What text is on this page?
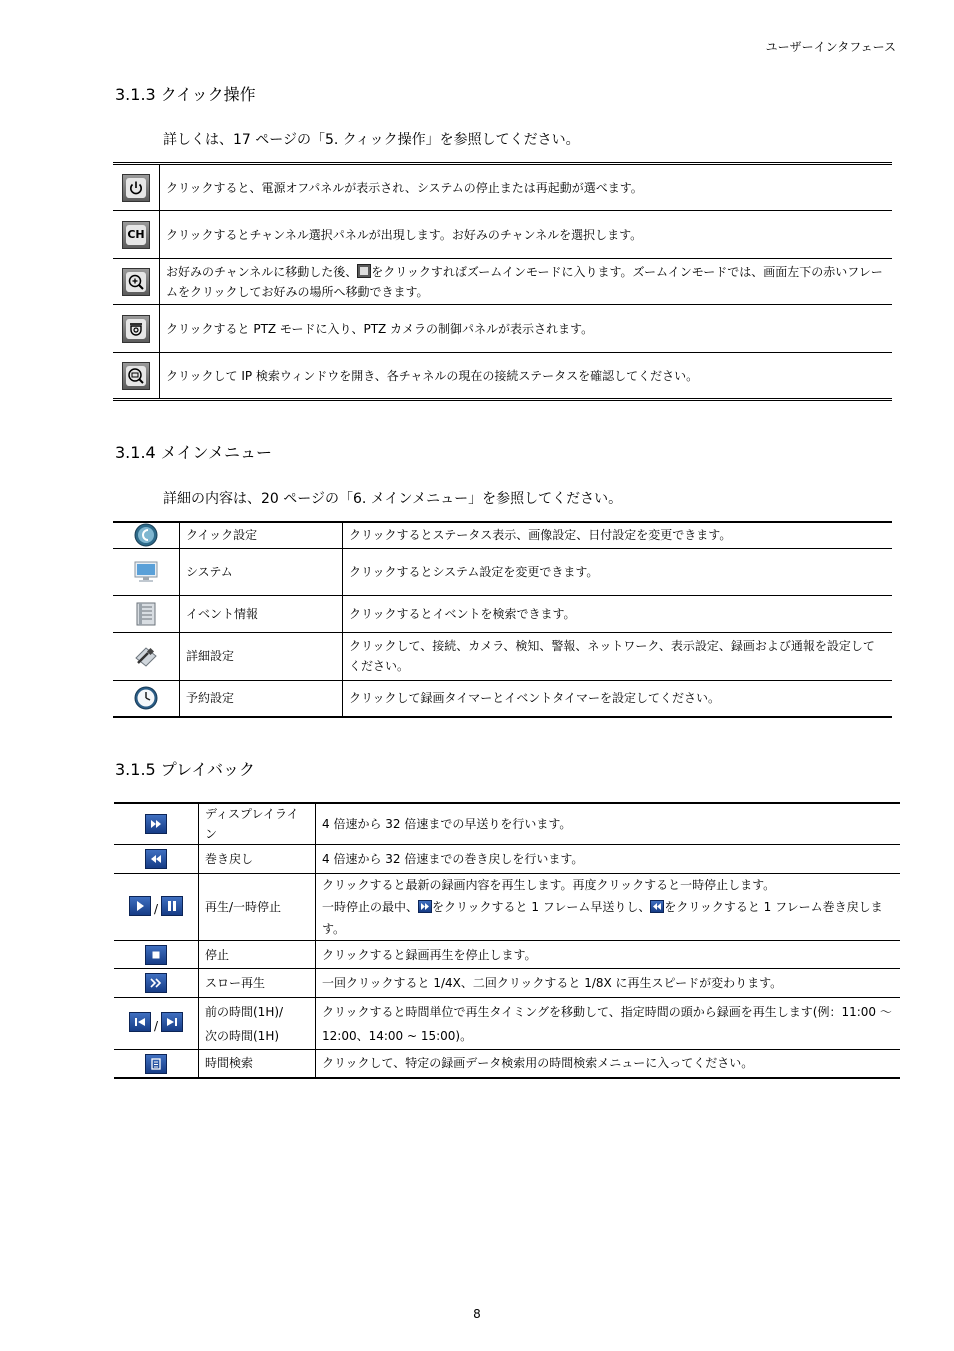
ユーザーインタフェース
3.1.3 クイック操作
詳しくは、17 ページの「5. クィック操作」を参照してください。
	クリックすると、電源オフパネルが表示され、システムの停止または再起動が選べます。

CH	クリックするとチャンネル選択パネルが出現します。お好みのチャンネルを選択します。

	お好みのチャンネルに移動した後、 をクリックすればズームインモードに入ります。ズームインモードでは、画面左下の赤いフレームをクリックしてお好みの場所へ移動できます。

	クリックすると PTZ モードに入り、PTZ カメラの制御パネルが表示されます。

	クリックして IP 検索ウィンドウを開き、各チャネルの現在の接続ステータスを確認してください。
3.1.4 メインメニュー
詳細の内容は、20 ページの「6. メインメニュー」を参照してください。
	クイック設定	クリックするとステータス表示、画像設定、日付設定を変更できます。
	システム	クリックするとシステム設定を変更できます。
	イベント情報	クリックするとイベントを検索できます。
	詳細設定	クリックして、接続、カメラ、検知、警報、ネットワーク、表示設定、録画および通報を設定してください。
	予約設定	クリックして録画タイマーとイベントタイマーを設定してください。
3.1.5 プレイバック
	ディスプレイライン	4 倍速から 32 倍速までの早送りを行います。

	巻き戻し	4 倍速から 32 倍速までの巻き戻しを行います。

/	再生/一時停止	クリックすると最新の録画内容を再生します。再度クリックすると一時停止します。
一時停止の最中、 をクリックすると 1 フレーム早送りし、 をクリックすると 1 フレーム巻き戻します。

	停止	クリックすると録画再生を停止します。

	スロー再生	一回クリックすると 1/4X、二回クリックすると 1/8X に再生スピードが変わります。

/	前の時間(1H)/
次の時間(1H)	クリックすると時間単位で再生タイミングを移動して、指定時間の頭から録画を再生します(例：11:00 ～ 12:00、14:00 ~ 15:00)。

	時間検索	クリックして、特定の録画データ検索用の時間検索メニューに入ってください。
8
